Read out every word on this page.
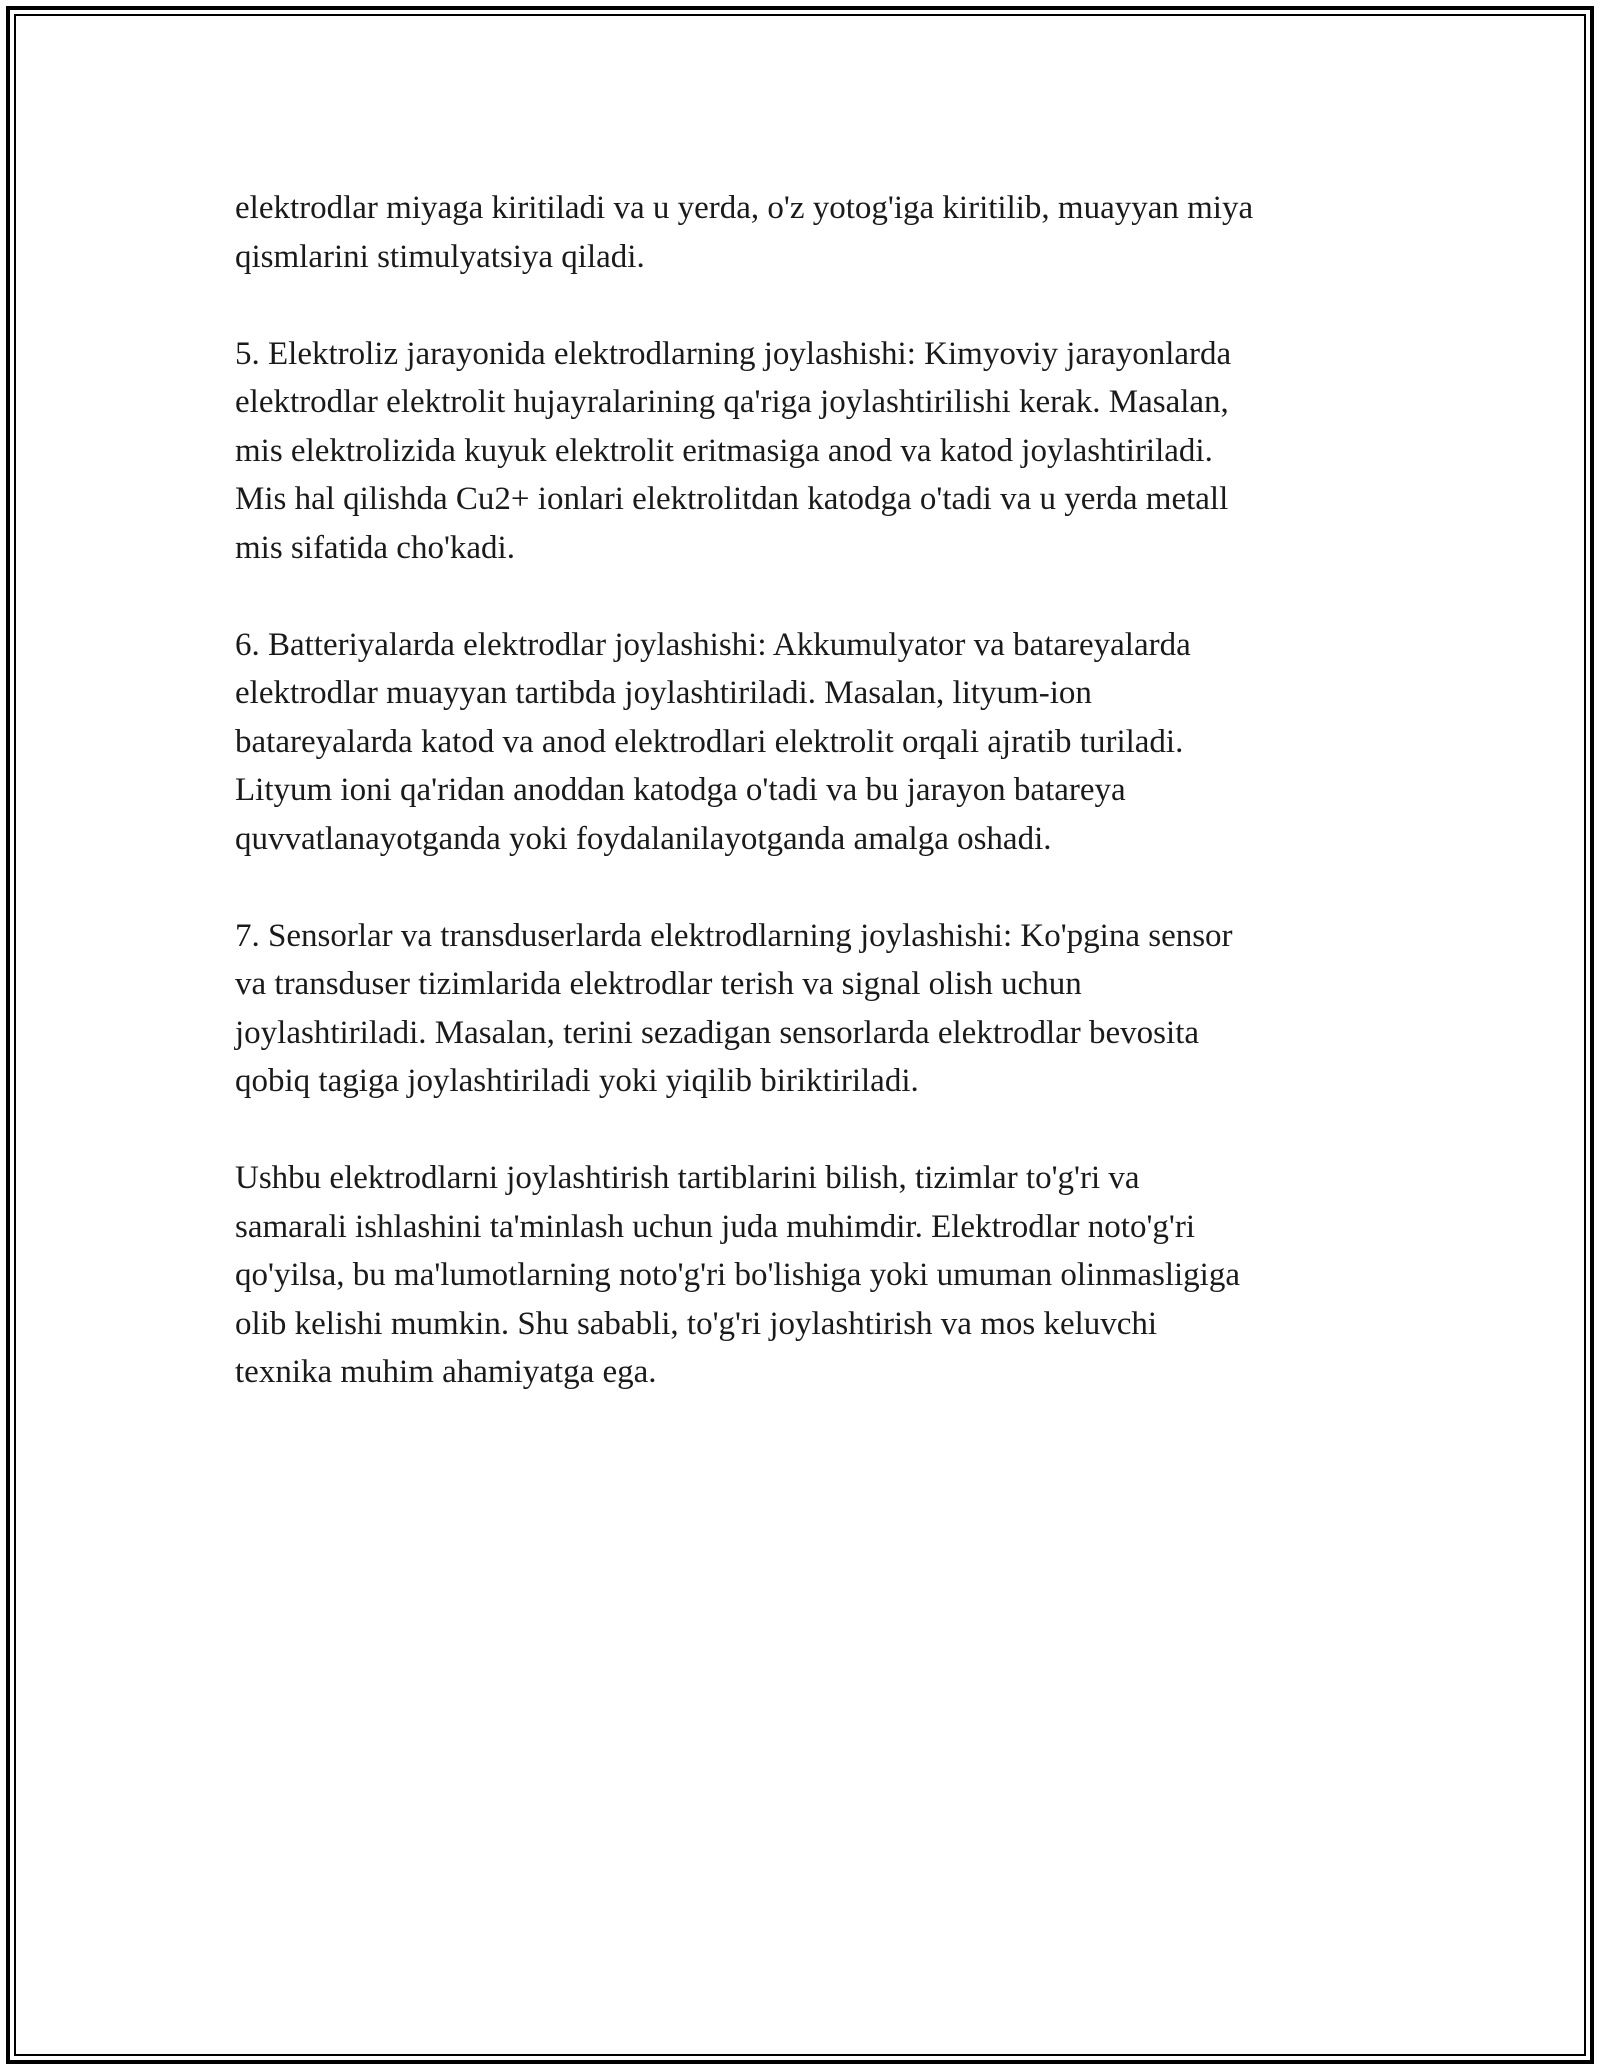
elektrodlar miyaga kiritiladi va u yerda, o'z yotog'iga kiritilib, muayyan miya
qismlarini stimulyatsiya qiladi.

5. Elektroliz jarayonida elektrodlarning joylashishi: Kimyoviy jarayonlarda
elektrodlar elektrolit hujayralarining qa'riga joylashtirilishi kerak. Masalan,
mis elektrolizida kuyuk elektrolit eritmasiga anod va katod joylashtiriladi.
Mis hal qilishda Cu2+ ionlari elektrolitdan katodga o'tadi va u yerda metall
mis sifatida cho'kadi.

6. Batteriyalarda elektrodlar joylashishi: Akkumulyator va batareyalarda
elektrodlar muayyan tartibda joylashtiriladi. Masalan, lityum-ion
batareyalarda katod va anod elektrodlari elektrolit orqali ajratib turiladi.
Lityum ioni qa'ridan anoddan katodga o'tadi va bu jarayon batareya
quvvatlanayotganda yoki foydalanilayotganda amalga oshadi.

7. Sensorlar va transduserlarda elektrodlarning joylashishi: Ko'pgina sensor
va transduser tizimlarida elektrodlar terish va signal olish uchun
joylashtiriladi. Masalan, terini sezadigan sensorlarda elektrodlar bevosita
qobiq tagiga joylashtiriladi yoki yiqilib biriktiriladi.

Ushbu elektrodlarni joylashtirish tartiblarini bilish, tizimlar to'g'ri va
samarali ishlashini ta'minlash uchun juda muhimdir. Elektrodlar noto'g'ri
qo'yilsa, bu ma'lumotlarning noto'g'ri bo'lishiga yoki umuman olinmasligiga
olib kelishi mumkin. Shu sababli, to'g'ri joylashtirish va mos keluvchi
texnika muhim ahamiyatga ega.
